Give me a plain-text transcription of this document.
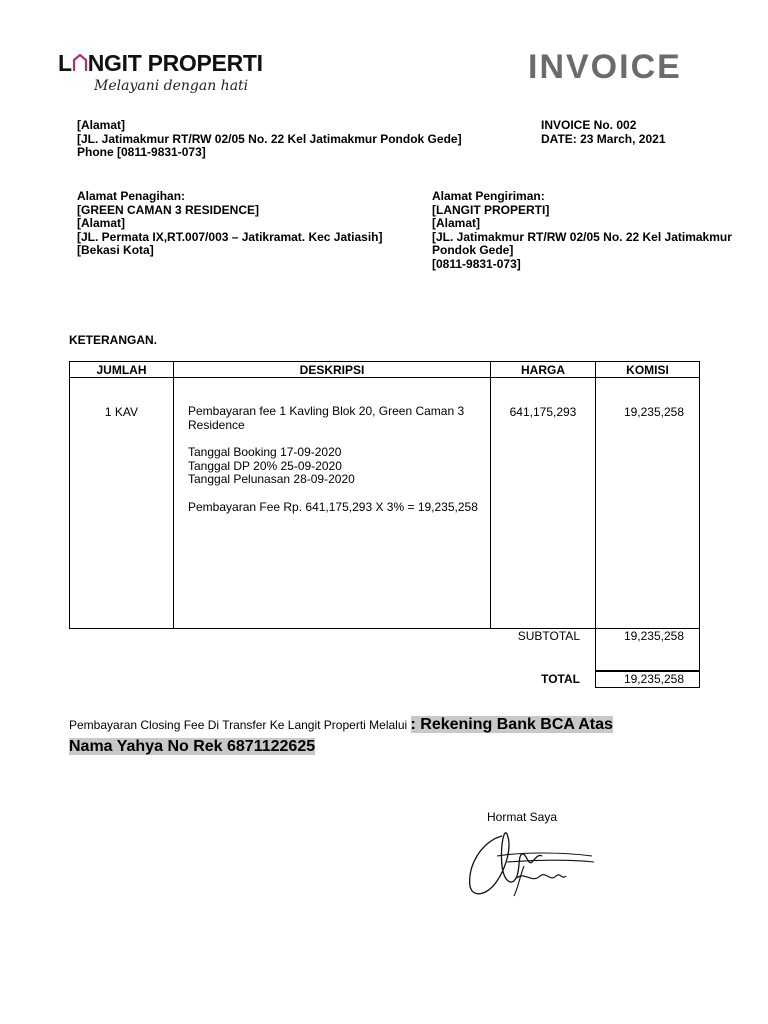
L NGIT PROPERTI
Melayani dengan hati	INVOICE
[Alamat]
[JL. Jatimakmur RT/RW 02/05 No. 22 Kel Jatimakmur Pondok Gede]
Phone [0811-9831-073]
INVOICE No. 002
DATE: 23 March, 2021
Alamat Penagihan:
[GREEN CAMAN 3 RESIDENCE]
[Alamat]
[JL. Permata IX,RT.007/003 – Jatikramat. Kec Jatiasih]
[Bekasi Kota]
Alamat Pengiriman:
[LANGIT PROPERTI]
[Alamat]
[JL. Jatimakmur RT/RW 02/05 No. 22 Kel Jatimakmur
Pondok Gede]
[0811-9831-073]
KETERANGAN.
JUMLAH	DESKRIPSI	HARGA	KOMISI

1 KAV	Pembayaran fee 1 Kavling Blok 20, Green Caman 3 Residence

Tanggal Booking 17-09-2020
Tanggal DP 20% 25-09-2020
Tanggal Pelunasan 28-09-2020

Pembayaran Fee Rp. 641,175,293 X 3% = 19,235,258	641,175,293	19,235,258
SUBTOTAL	19,235,258
TOTAL	19,235,258
Pembayaran Closing Fee Di Transfer Ke Langit Properti Melalui : Rekening Bank BCA Atas
Nama Yahya No Rek 6871122625
Hormat Saya
